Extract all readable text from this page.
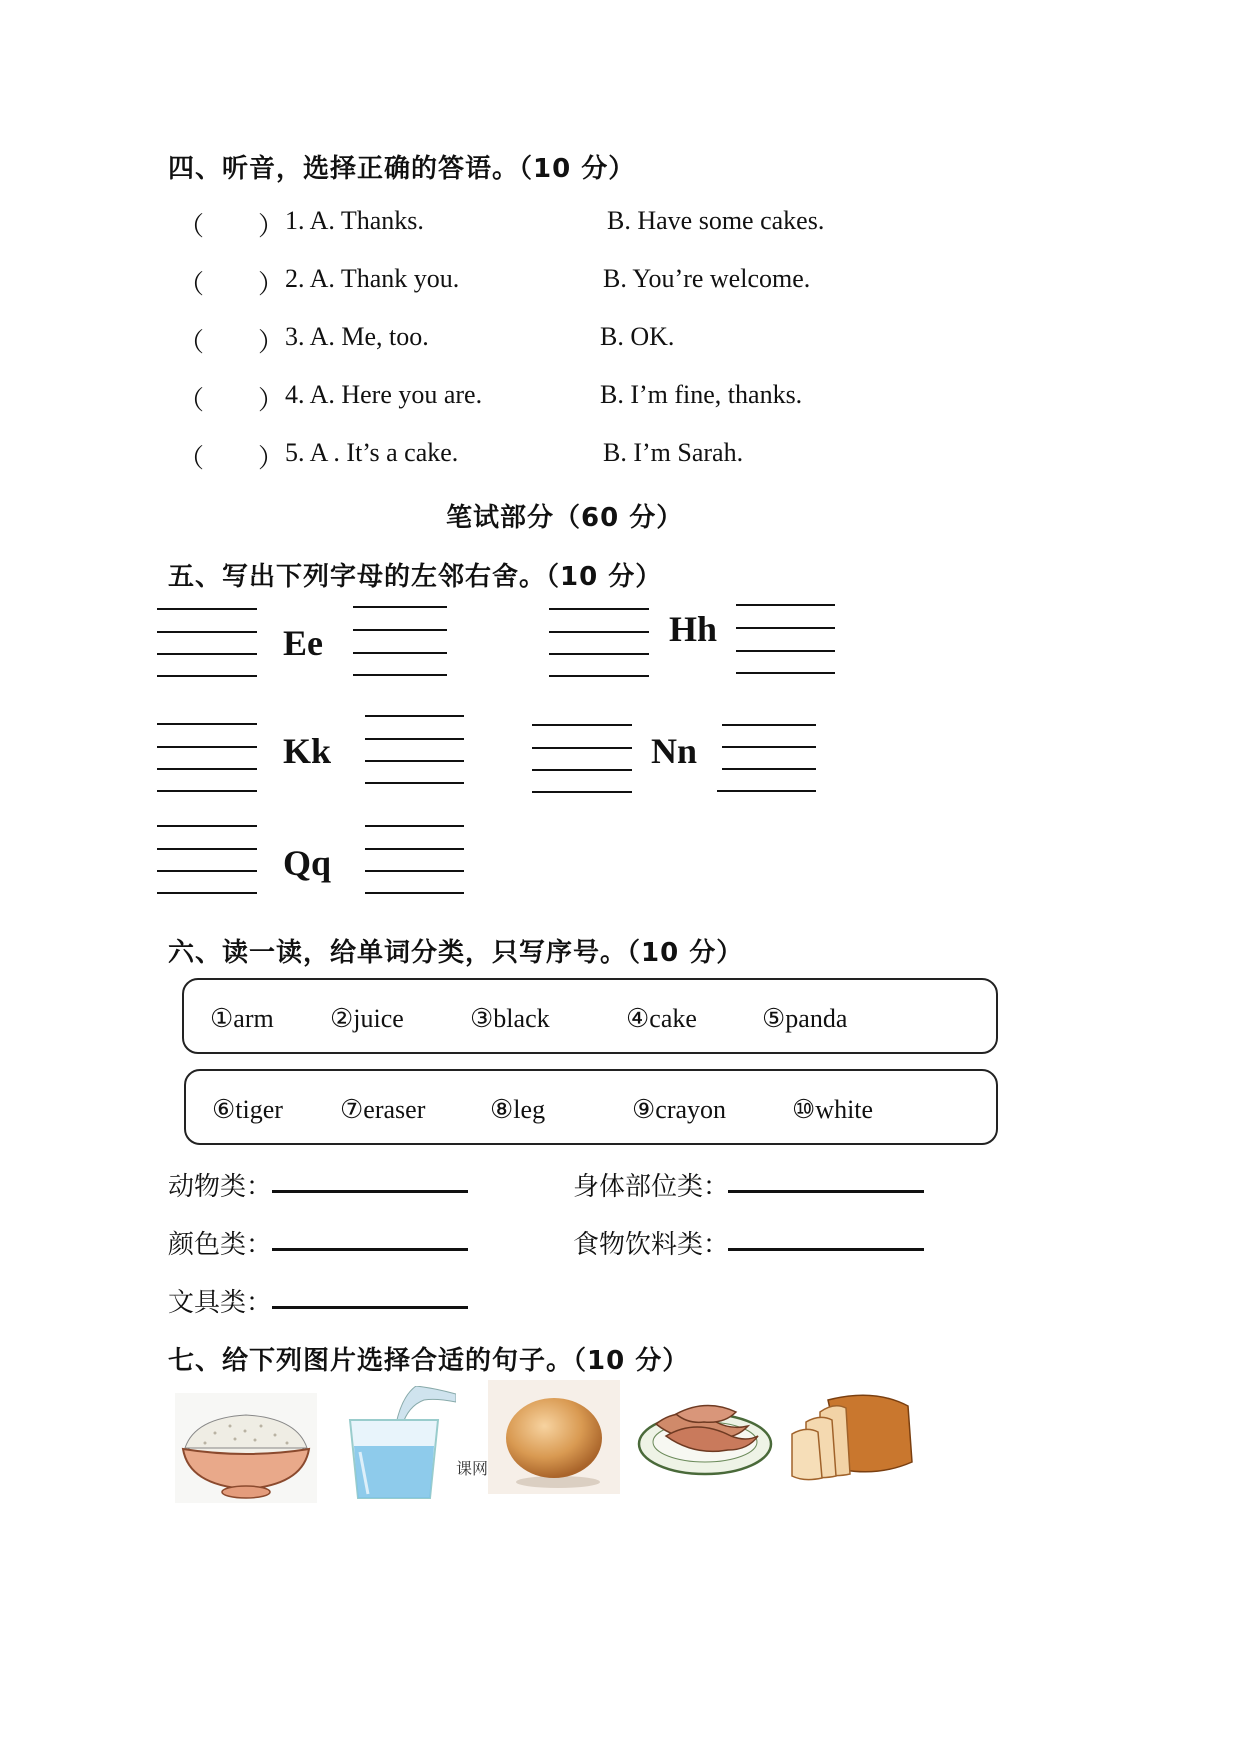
四、听音，选择正确的答语。（10 分）
（ ） 1. A. Thanks.	B. Have some cakes.
（ ） 2. A. Thank you.	B. You’re welcome.
（ ） 3. A. Me, too.	B. OK.
（ ） 4. A. Here you are.	B. I’m fine, thanks.
（ ） 5. A . It’s a cake.	B. I’m Sarah.
笔试部分（60 分）
五、写出下列字母的左邻右舍。（10 分）
Ee	Hh
Kk	Nn
Qq
六、读一读，给单词分类，只写序号。（10 分）
①arm ②juice	③black	④cake	⑤panda
⑥tiger ⑦eraser ⑧leg	⑨crayon	⑩white
动物类：	身体部位类：
颜色类：	食物饮料类：
文具类：
七、给下列图片选择合适的句子。（10 分）
课网
